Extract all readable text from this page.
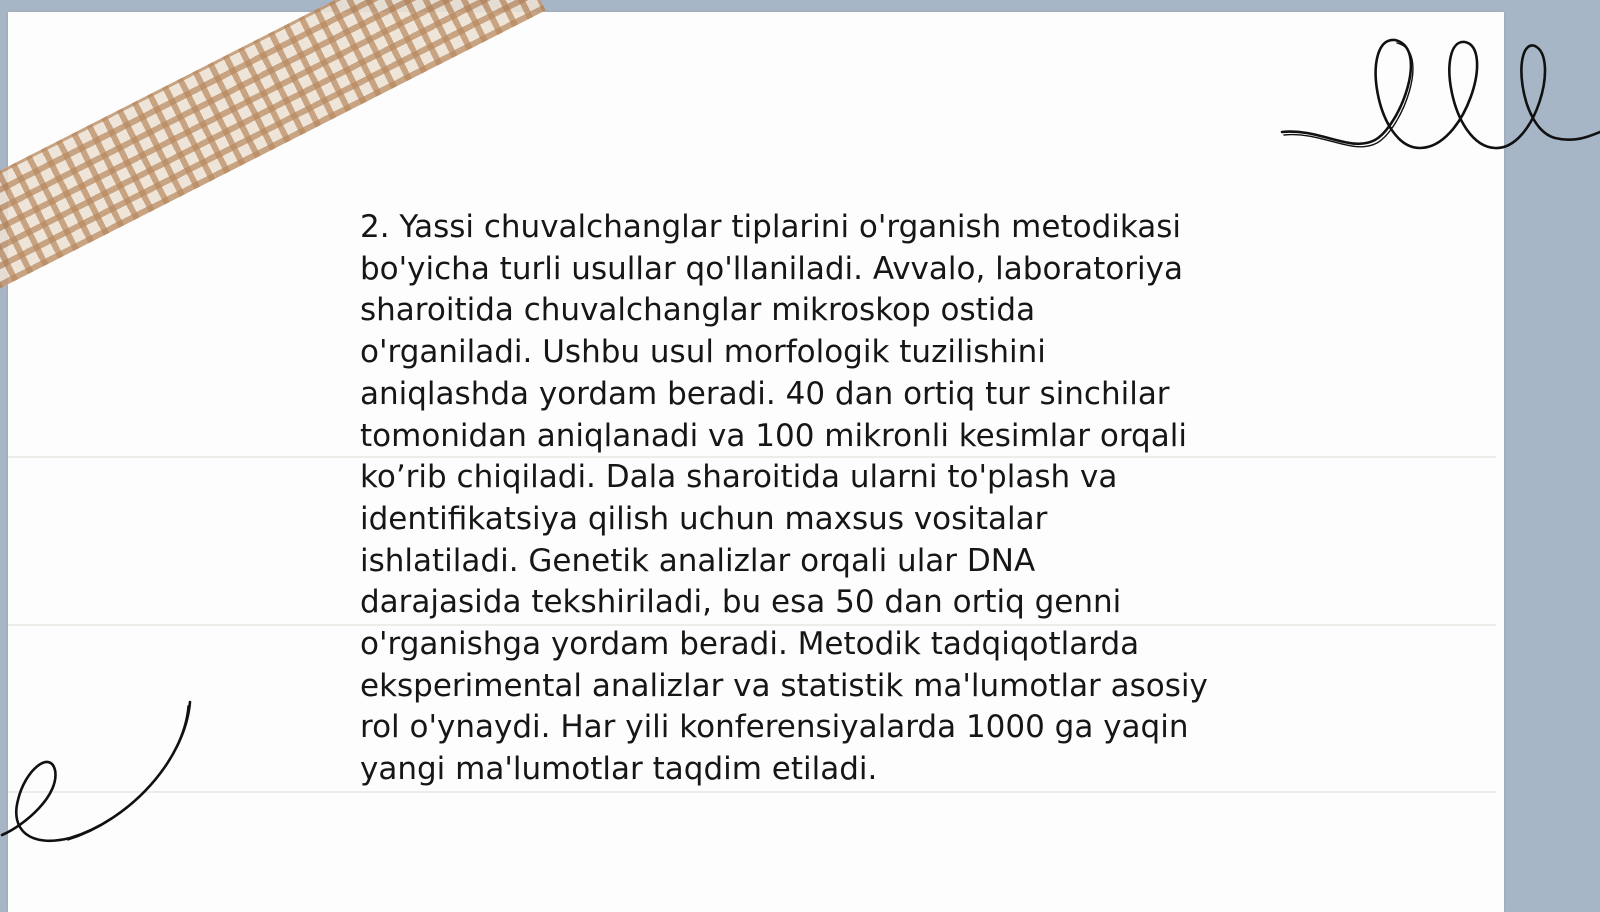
2. Yassi chuvalchanglar tiplarini o'rganish metodikasi
bo'yicha turli usullar qo'llaniladi. Avvalo, laboratoriya
sharoitida chuvalchanglar mikroskop ostida
o'rganiladi. Ushbu usul morfologik tuzilishini
aniqlashda yordam beradi. 40 dan ortiq tur sinchilar
tomonidan aniqlanadi va 100 mikronli kesimlar orqali
ko’rib chiqiladi. Dala sharoitida ularni to'plash va
identifikatsiya qilish uchun maxsus vositalar
ishlatiladi. Genetik analizlar orqali ular DNA
darajasida tekshiriladi, bu esa 50 dan ortiq genni
o'rganishga yordam beradi. Metodik tadqiqotlarda
eksperimental analizlar va statistik ma'lumotlar asosiy
rol o'ynaydi. Har yili konferensiyalarda 1000 ga yaqin
yangi ma'lumotlar taqdim etiladi.
